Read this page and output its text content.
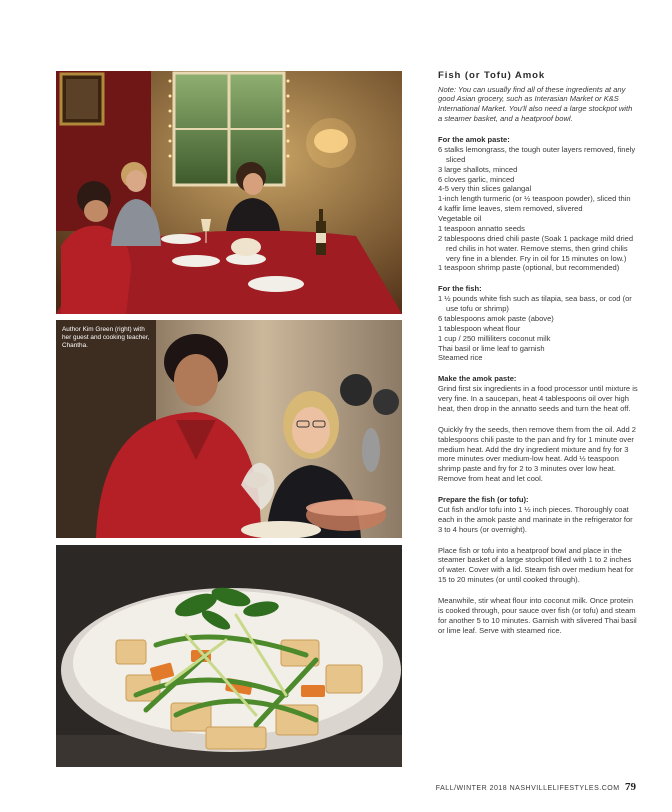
Author Kim Green (right) with her guest and cooking teacher, Chantha.
Fish (or Tofu) Amok

Note: You can usually find all of these ingredients at any good Asian grocery, such as Interasian Market or K&S International Market. You'll also need a large stockpot with a steamer basket, and a heatproof bowl.

For the amok paste:

6 stalks lemongrass, the tough outer layers removed, finely sliced
3 large shallots, minced
6 cloves garlic, minced
4-5 very thin slices galangal
1-inch length turmeric (or ½ teaspoon powder), sliced thin
4 kaffir lime leaves, stem removed, slivered
Vegetable oil
1 teaspoon annatto seeds
2 tablespoons dried chili paste (Soak 1 package mild dried red chilis in hot water. Remove stems, then grind chilis very fine in a blender. Fry in oil for 15 minutes on low.)
1 teaspoon shrimp paste (optional, but recommended)

For the fish:

1 ½ pounds white fish such as tilapia, sea bass, or cod (or use tofu or shrimp)
6 tablespoons amok paste (above)
1 tablespoon wheat flour
1 cup / 250 milliliters coconut milk
Thai basil or lime leaf to garnish
Steamed rice

Make the amok paste:

Grind first six ingredients in a food processor until mixture is very fine. In a saucepan, heat 4 tablespoons oil over high heat, then drop in the annatto seeds and turn the heat off.

Quickly fry the seeds, then remove them from the oil. Add 2 tablespoons chili paste to the pan and fry for 1 minute over medium heat. Add the dry ingredient mixture and fry for 3 more minutes over medium-low heat. Add ½ teaspoon shrimp paste and fry for 2 to 3 minutes over low heat. Remove from heat and let cool.

Prepare the fish (or tofu):

Cut fish and/or tofu into 1 ½ inch pieces. Thoroughly coat each in the amok paste and marinate in the refrigerator for 3 to 4 hours (or overnight).

Place fish or tofu into a heatproof bowl and place in the steamer basket of a large stockpot filled with 1 to 2 inches of water. Cover with a lid. Steam fish over medium heat for 15 to 20 minutes (or until cooked through).

Meanwhile, stir wheat flour into coconut milk. Once protein is cooked through, pour sauce over fish (or tofu) and steam for another 5 to 10 minutes. Garnish with slivered Thai basil or lime leaf. Serve with steamed rice.

FALL/WINTER 2018 NASHVILLELIFESTYLES.COM 79
